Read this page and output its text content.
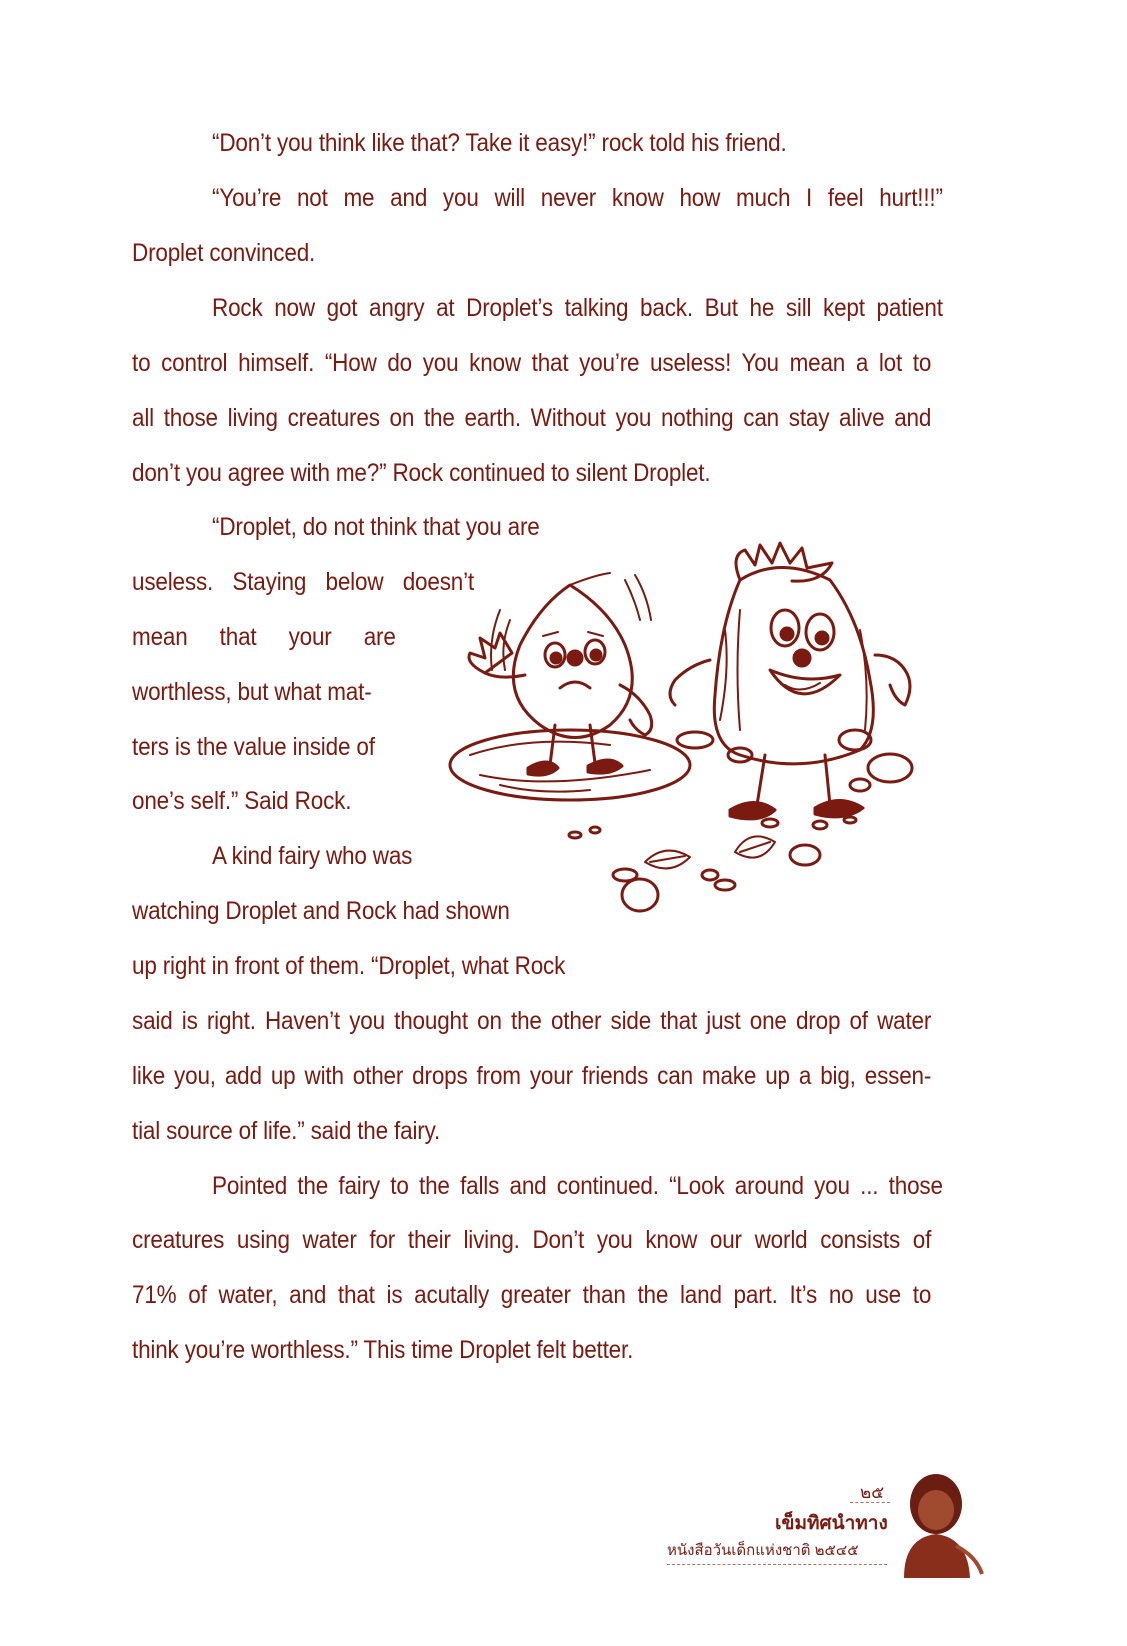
“Don’t you think like that? Take it easy!” rock told his friend.

“You’re not me and you will never know how much I feel hurt!!!”

Droplet convinced.

Rock now got angry at Droplet’s talking back. But he sill kept patient

to control himself. “How do you know that you’re useless! You mean a lot to

all those living creatures on the earth. Without you nothing can stay alive and

don’t you agree with me?” Rock continued to silent Droplet.

“Droplet, do not think that you are

useless. Staying below doesn’t

mean that your are

worthless, but what mat-

ters is the value inside of

one’s self.” Said Rock.

A kind fairy who was

watching Droplet and Rock had shown

up right in front of them. “Droplet, what Rock

said is right. Haven’t you thought on the other side that just one drop of water

like you, add up with other drops from your friends can make up a big, essen-

tial source of life.” said the fairy.

Pointed the fairy to the falls and continued. “Look around you ... those

creatures using water for their living. Don’t you know our world consists of

71% of water, and that is acutally greater than the land part. It’s no use to

think you’re worthless.” This time Droplet felt better.

๒๕
เข็มทิศนำทาง
หนังสือวันเด็กแห่งชาติ ๒๕๔๕
